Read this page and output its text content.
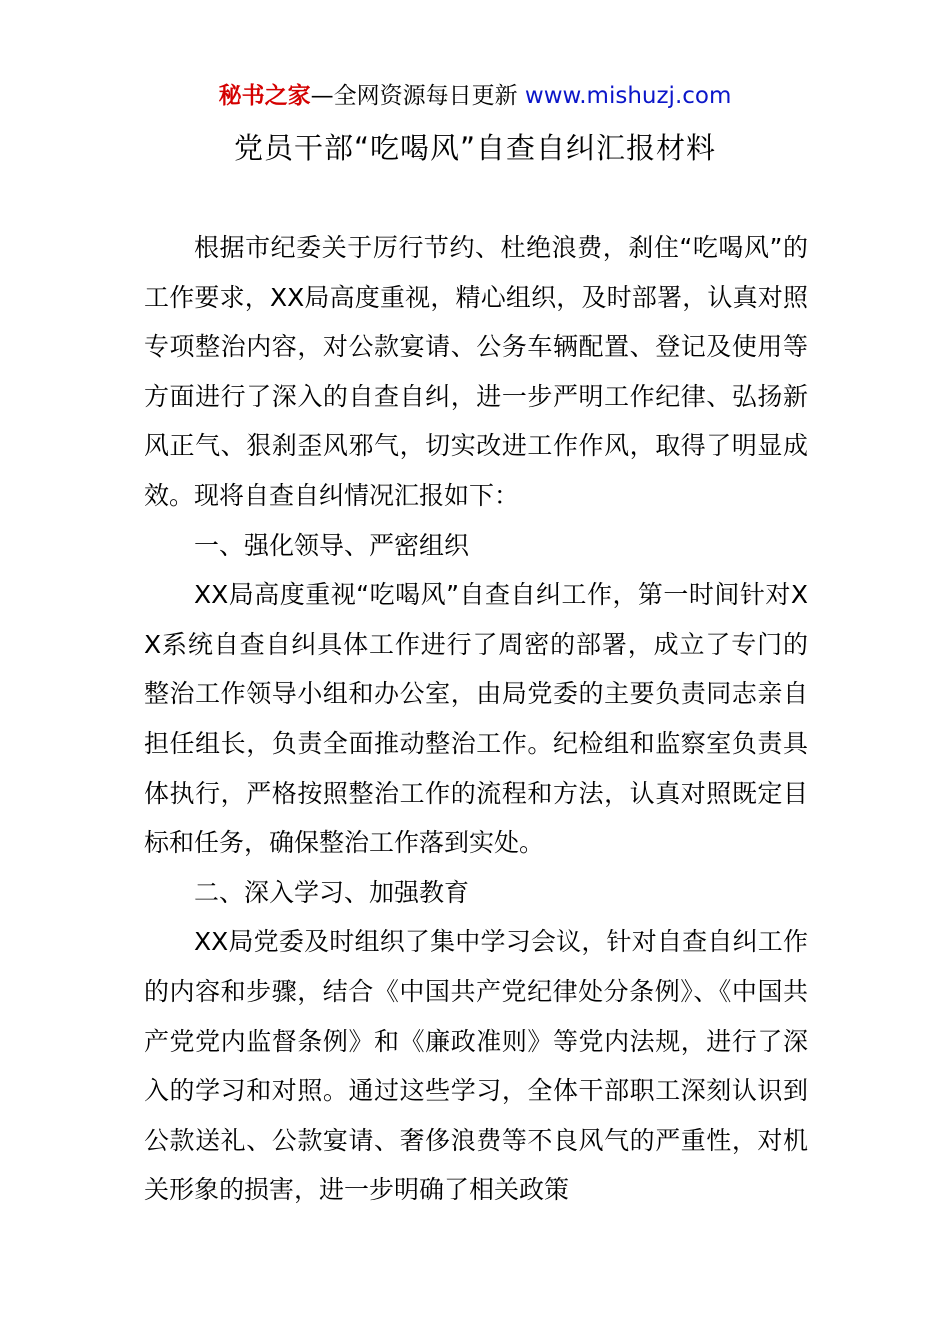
秘书之家—全网资源每日更新 www.mishuzj.com
党员干部“吃喝风”自查自纠汇报材料

根据市纪委关于厉行节约、杜绝浪费，刹住“吃喝风”的工作要求，XX局高度重视，精心组织，及时部署，认真对照专项整治内容，对公款宴请、公务车辆配置、登记及使用等方面进行了深入的自查自纠，进一步严明工作纪律、弘扬新风正气、狠刹歪风邪气，切实改进工作作风，取得了明显成效。现将自查自纠情况汇报如下：

一、强化领导、严密组织

XX局高度重视“吃喝风”自查自纠工作，第一时间针对XX系统自查自纠具体工作进行了周密的部署，成立了专门的整治工作领导小组和办公室，由局党委的主要负责同志亲自担任组长，负责全面推动整治工作。纪检组和监察室负责具体执行，严格按照整治工作的流程和方法，认真对照既定目标和任务，确保整治工作落到实处。

二、深入学习、加强教育

XX局党委及时组织了集中学习会议，针对自查自纠工作的内容和步骤，结合《中国共产党纪律处分条例》、《中国共产党党内监督条例》和《廉政准则》等党内法规，进行了深入的学习和对照。通过这些学习，全体干部职工深刻认识到公款送礼、公款宴请、奢侈浪费等不良风气的严重性，对机关形象的损害，进一步明确了相关政策
